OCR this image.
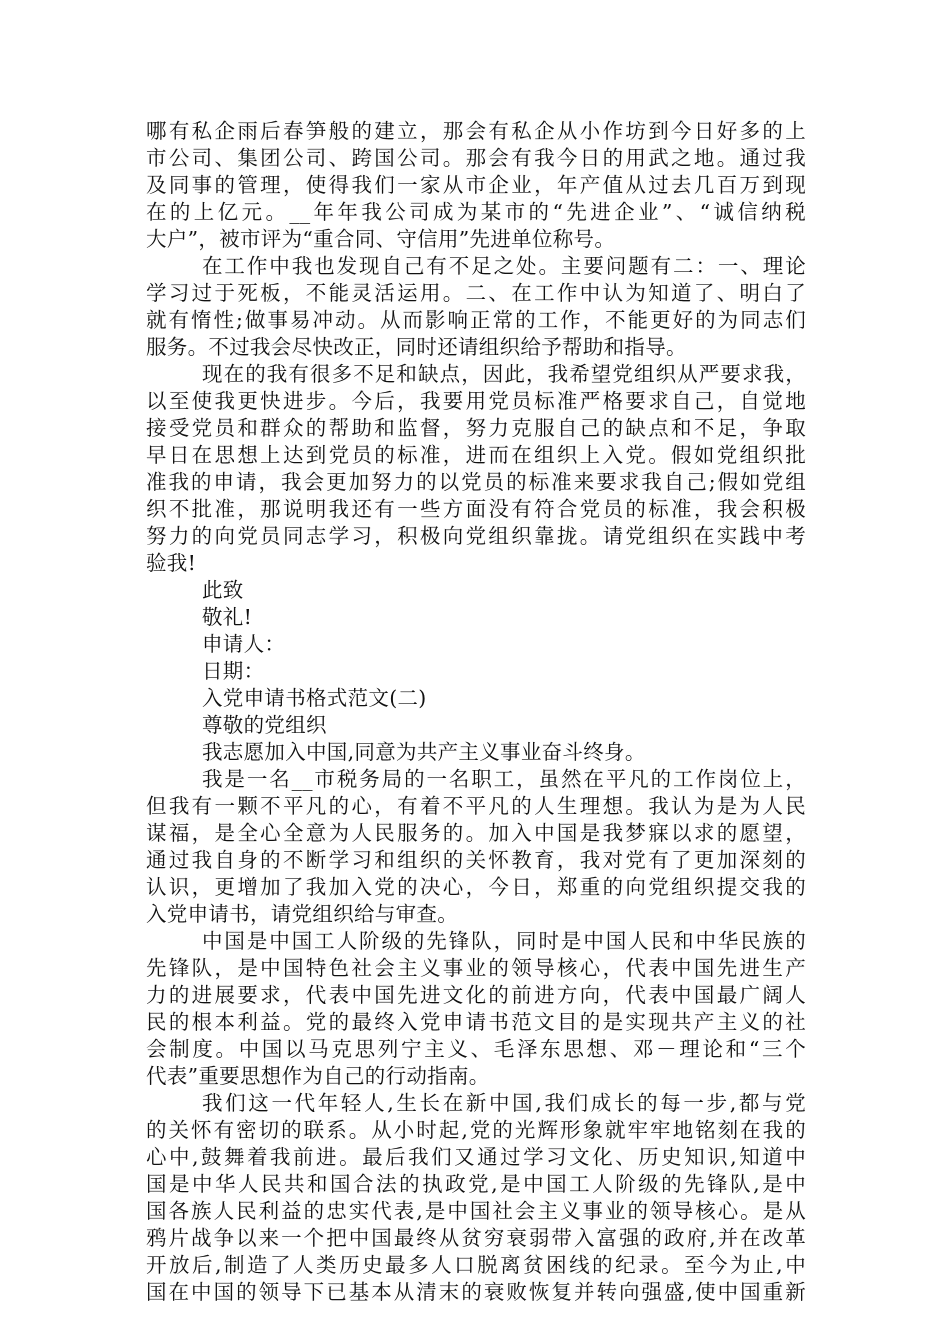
哪有私企雨后春笋般的建立，那会有私企从小作坊到今日好多的上
市公司、集团公司、跨国公司。那会有我今日的用武之地。通过我
及同事的管理，使得我们一家从市企业，年产值从过去几百万到现
在的上亿元。__年年我公司成为某市的“先进企业”、“诚信纳税
大户”，被市评为“重合同、守信用”先进单位称号。
在工作中我也发现自己有不足之处。主要问题有二：一、理论
学习过于死板，不能灵活运用。二、在工作中认为知道了、明白了
就有惰性;做事易冲动。从而影响正常的工作，不能更好的为同志们
服务。不过我会尽快改正，同时还请组织给予帮助和指导。
现在的我有很多不足和缺点，因此，我希望党组织从严要求我，
以至使我更快进步。今后，我要用党员标准严格要求自己，自觉地
接受党员和群众的帮助和监督，努力克服自己的缺点和不足，争取
早日在思想上达到党员的标准，进而在组织上入党。假如党组织批
准我的申请，我会更加努力的以党员的标准来要求我自己;假如党组
织不批准，那说明我还有一些方面没有符合党员的标准，我会积极
努力的向党员同志学习，积极向党组织靠拢。请党组织在实践中考
验我!
此致
敬礼!
申请人：
日期：
入党申请书格式范文(二)
尊敬的党组织
我志愿加入中国,同意为共产主义事业奋斗终身。
我是一名__市税务局的一名职工，虽然在平凡的工作岗位上，
但我有一颗不平凡的心，有着不平凡的人生理想。我认为是为人民
谋福，是全心全意为人民服务的。加入中国是我梦寐以求的愿望，
通过我自身的不断学习和组织的关怀教育，我对党有了更加深刻的
认识，更增加了我加入党的决心，今日，郑重的向党组织提交我的
入党申请书，请党组织给与审查。
中国是中国工人阶级的先锋队，同时是中国人民和中华民族的
先锋队，是中国特色社会主义事业的领导核心，代表中国先进生产
力的进展要求，代表中国先进文化的前进方向，代表中国最广阔人
民的根本利益。党的最终入党申请书范文目的是实现共产主义的社
会制度。中国以马克思列宁主义、毛泽东思想、邓－理论和“三个
代表”重要思想作为自己的行动指南。
我们这一代年轻人,生长在新中国,我们成长的每一步,都与党
的关怀有密切的联系。从小时起,党的光辉形象就牢牢地铭刻在我的
心中,鼓舞着我前进。最后我们又通过学习文化、历史知识,知道中
国是中华人民共和国合法的执政党,是中国工人阶级的先锋队,是中
国各族人民利益的忠实代表,是中国社会主义事业的领导核心。是从
鸦片战争以来一个把中国最终从贫穷衰弱带入富强的政府,并在改革
开放后,制造了人类历史最多人口脱离贫困线的纪录。至今为止,中
国在中国的领导下已基本从清末的衰败恢复并转向强盛,使中国重新
